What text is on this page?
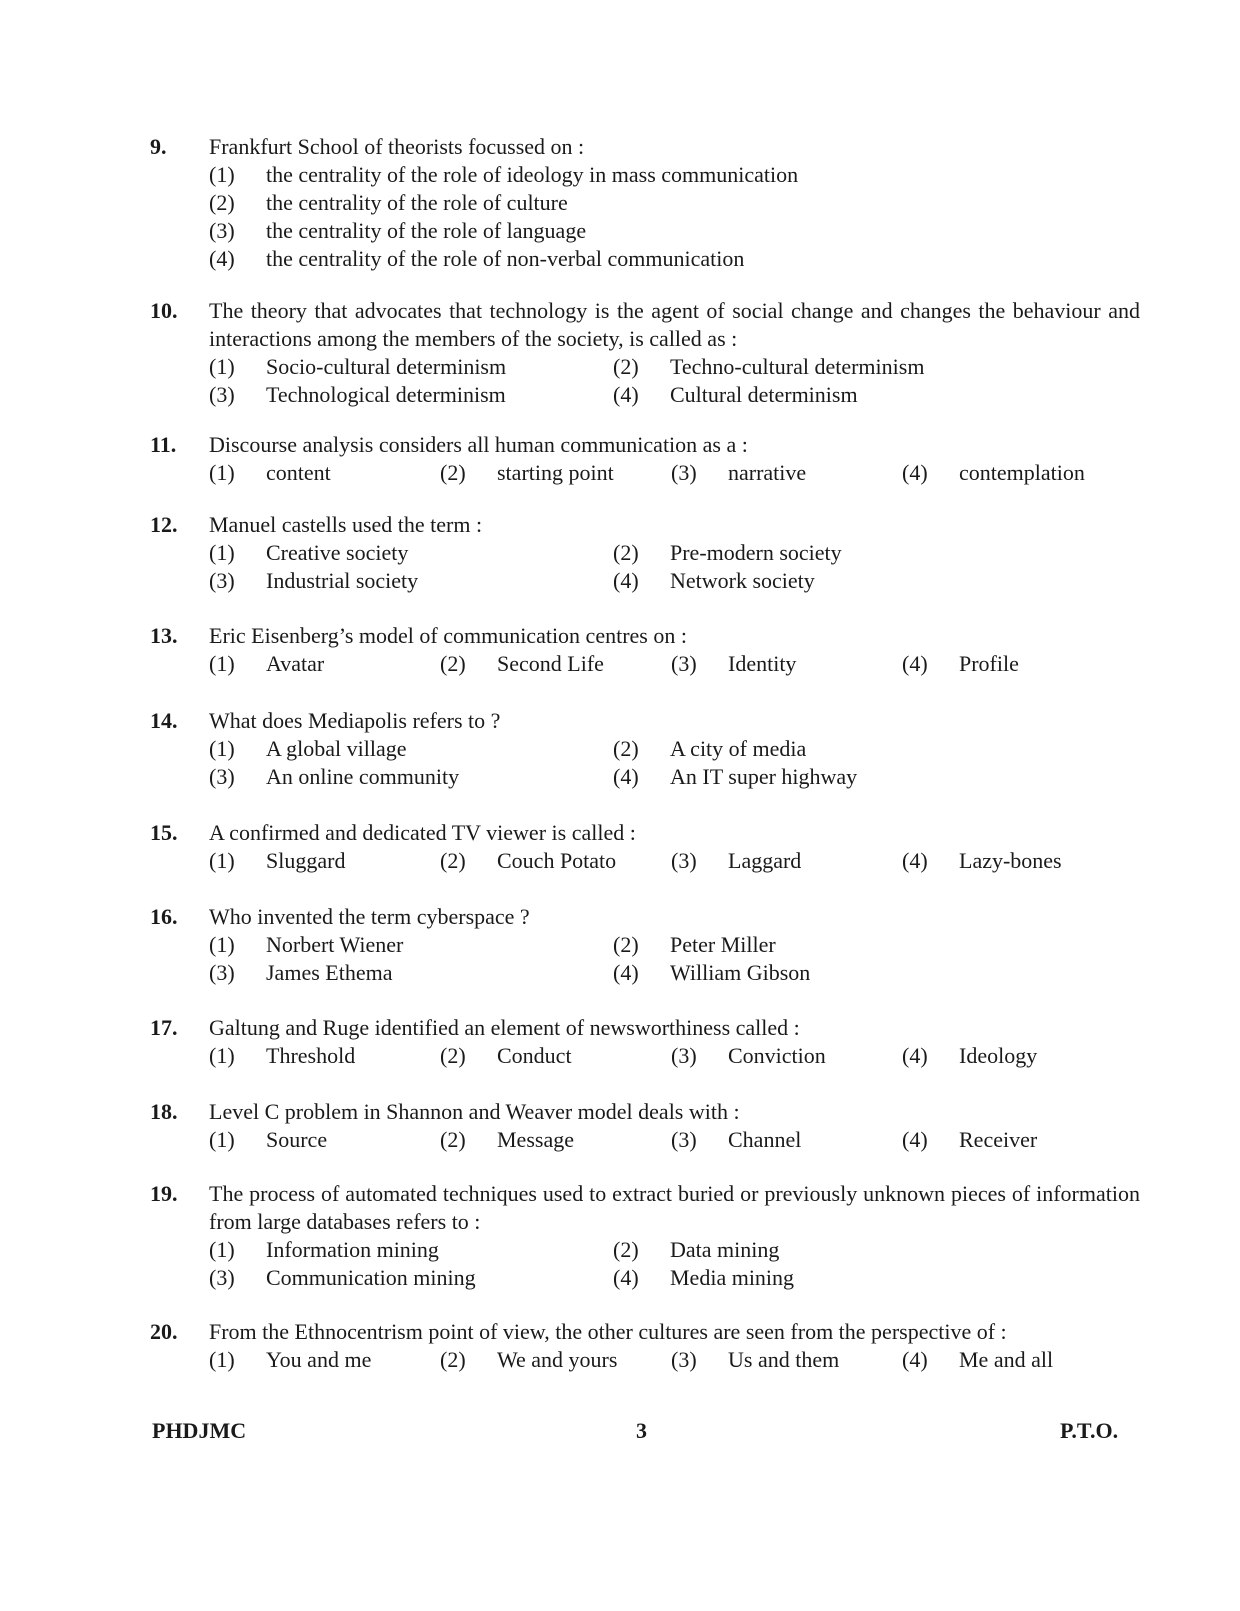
9. Frankfurt School of theorists focussed on :
(1) the centrality of the role of ideology in mass communication
(2) the centrality of the role of culture
(3) the centrality of the role of language
(4) the centrality of the role of non-verbal communication
10. The theory that advocates that technology is the agent of social change and changes the behaviour and interactions among the members of the society, is called as :
(1) Socio-cultural determinism	(2) Techno-cultural determinism
(3) Technological determinism	(4) Cultural determinism
11. Discourse analysis considers all human communication as a :
(1) content	(2) starting point	(3) narrative	(4) contemplation
12. Manuel castells used the term :
(1) Creative society	(2) Pre-modern society
(3) Industrial society	(4) Network society
13. Eric Eisenberg’s model of communication centres on :
(1) Avatar	(2) Second Life	(3) Identity	(4) Profile
14. What does Mediapolis refers to ?
(1) A global village	(2) A city of media
(3) An online community	(4) An IT super highway
15. A confirmed and dedicated TV viewer is called :
(1) Sluggard	(2) Couch Potato (3) Laggard	(4) Lazy-bones
16. Who invented the term cyberspace ?
(1) Norbert Wiener	(2) Peter Miller
(3) James Ethema	(4) William Gibson
17. Galtung and Ruge identified an element of newsworthiness called :
(1) Threshold	(2) Conduct	(3) Conviction	(4) Ideology
18. Level C problem in Shannon and Weaver model deals with :
(1) Source	(2) Message	(3) Channel	(4) Receiver
19. The process of automated techniques used to extract buried or previously unknown pieces of information from large databases refers to :
(1) Information mining	(2) Data mining
(3) Communication mining	(4) Media mining
20. From the Ethnocentrism point of view, the other cultures are seen from the perspective of :
(1) You and me	(2) We and yours (3) Us and them	(4) Me and all
PHDJMC	3	P.T.O.
